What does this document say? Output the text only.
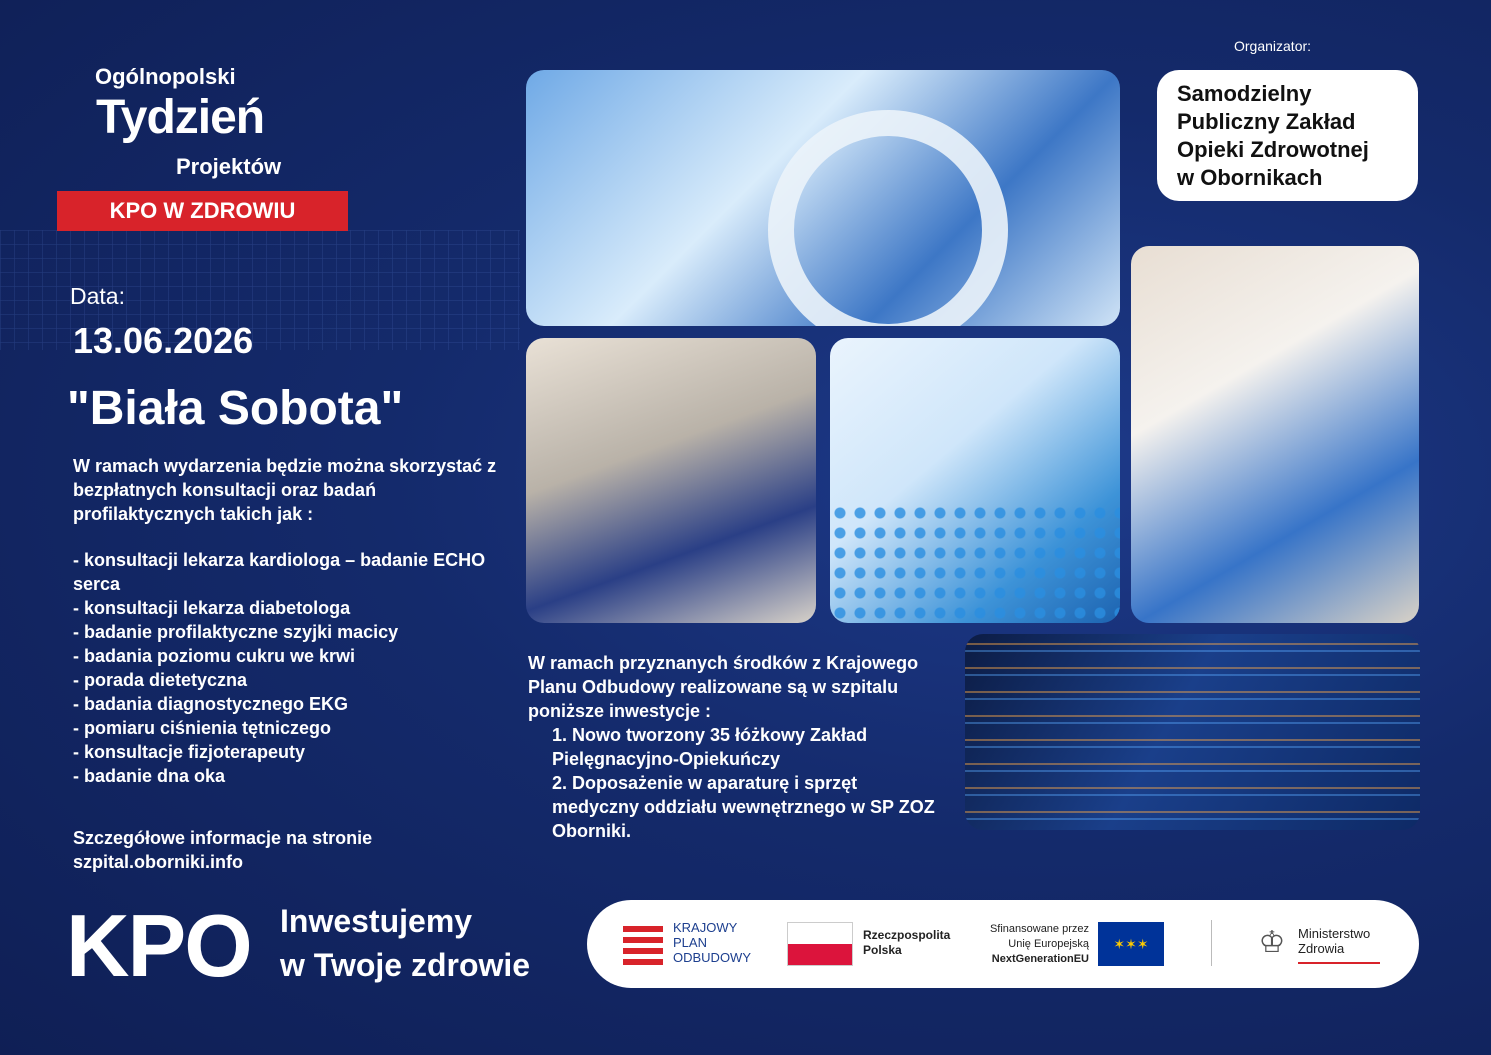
Ogólnopolski
Tydzień
Projektów
KPO W ZDROWIU
Data:
13.06.2026
"Biała Sobota"
W ramach wydarzenia będzie można skorzystać z bezpłatnych konsultacji oraz badań profilaktycznych takich jak :
- konsultacji lekarza kardiologa – badanie ECHO serca
- konsultacji lekarza diabetologa
- badanie profilaktyczne szyjki macicy
- badania poziomu cukru we krwi
- porada dietetyczna
- badania diagnostycznego EKG
- pomiaru ciśnienia tętniczego
- konsultacje fizjoterapeuty
- badanie dna oka
Szczegółowe informacje na stronie
szpital.oborniki.info
Organizator:
Samodzielny
Publiczny Zakład
Opieki Zdrowotnej
w Obornikach
W ramach przyznanych środków z Krajowego Planu Odbudowy realizowane są w szpitalu poniższe inwestycje :
1. Nowo tworzony 35 łóżkowy Zakład Pielęgnacyjno-Opiekuńczy
2. Doposażenie w aparaturę i sprzęt medyczny oddziału wewnętrznego w SP ZOZ Oborniki.
KPO Inwestujemy
w Twoje zdrowie
KRAJOWY
PLAN
ODBUDOWY
Rzeczpospolita
Polska
Sfinansowane przez
Unię Europejską
NextGenerationEU
✶✶✶	♔ Ministerstwo
Zdrowia
